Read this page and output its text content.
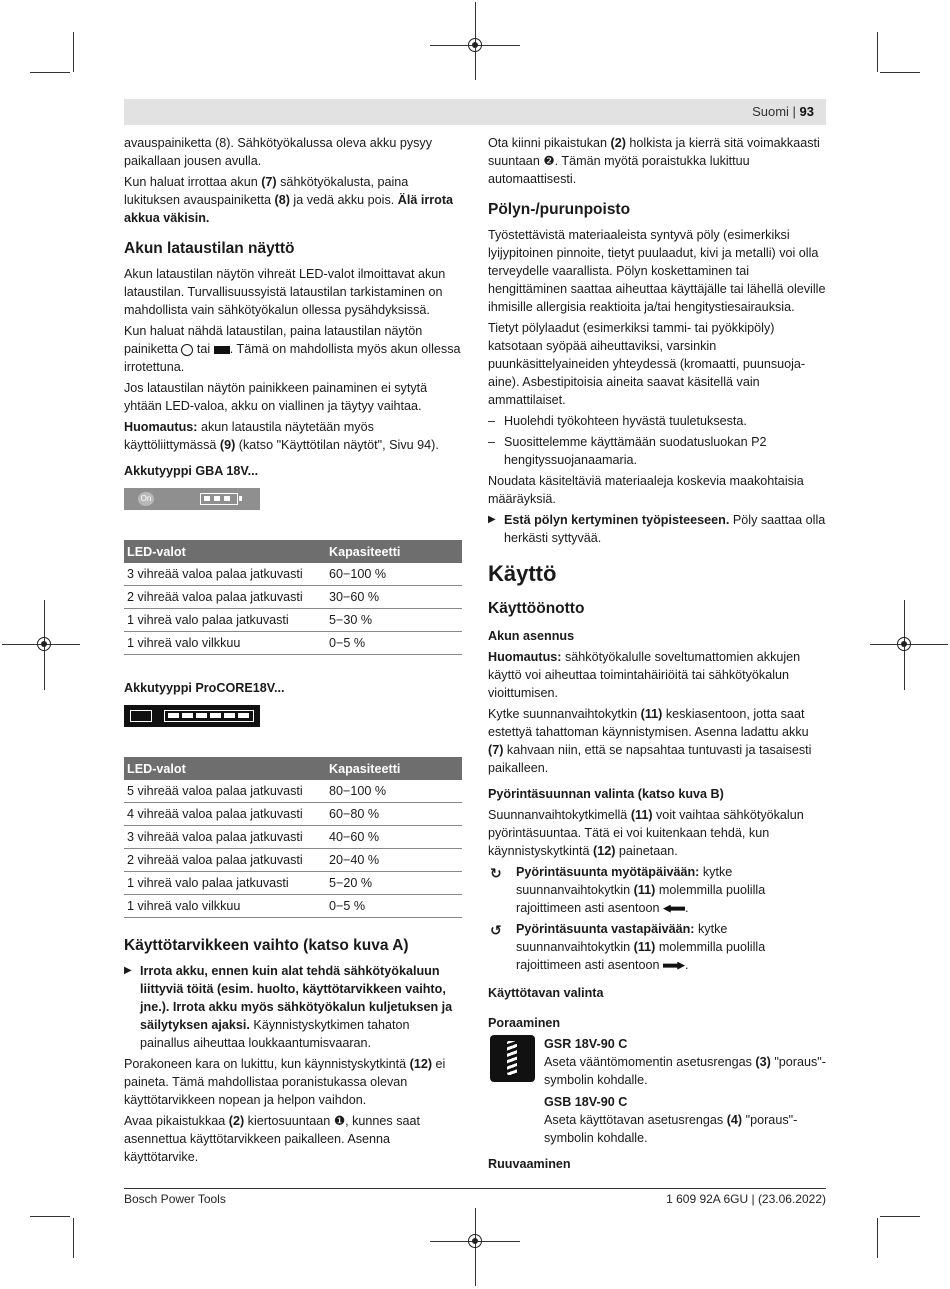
Suomi | 93

avauspainiketta (8). Sähkötyökalussa oleva akku pysyy paikallaan jousen avulla.

Kun haluat irrottaa akun (7) sähkötyökalusta, paina lukituksen avauspainiketta (8) ja vedä akku pois. Älä irrota akkua väkisin.

Akun lataustilan näyttö

Akun lataustilan näytön vihreät LED-valot ilmoittavat akun lataustilan. Turvallisuussyistä lataustilan tarkistaminen on mahdollista vain sähkötyökalun ollessa pysähdyksissä.

Kun haluat nähdä lataustilan, paina lataustilan näytön painiketta  tai . Tämä on mahdollista myös akun ollessa irrotettuna.

Jos lataustilan näytön painikkeen painaminen ei sytytä yhtään LED-valoa, akku on viallinen ja täytyy vaihtaa.

Huomautus: akun lataustila näytetään myös käyttöliittymässä (9) (katso "Käyttötilan näytöt", Sivu 94).

Akkutyyppi GBA 18V...
On
LED-valot	Kapasiteetti
3 vihreää valoa palaa jatkuvasti	60−100 %
2 vihreää valoa palaa jatkuvasti	30−60 %
1 vihreä valo palaa jatkuvasti	5−30 %
1 vihreä valo vilkkuu	0−5 %
Akkutyyppi ProCORE18V...
LED-valot	Kapasiteetti
5 vihreää valoa palaa jatkuvasti	80−100 %
4 vihreää valoa palaa jatkuvasti	60−80 %
3 vihreää valoa palaa jatkuvasti	40−60 %
2 vihreää valoa palaa jatkuvasti	20−40 %
1 vihreä valo palaa jatkuvasti	5−20 %
1 vihreä valo vilkkuu	0−5 %
Käyttötarvikkeen vaihto (katso kuva A)

▶ Irrota akku, ennen kuin alat tehdä sähkötyökaluun liittyviä töitä (esim. huolto, käyttötarvikkeen vaihto, jne.). Irrota akku myös sähkötyökalun kuljetuksen ja säilytyksen ajaksi. Käynnistyskytkimen tahaton painallus aiheuttaa loukkaantumisvaaran.

Porakoneen kara on lukittu, kun käynnistyskytkintä (12) ei paineta. Tämä mahdollistaa poranistukassa olevan käyttötarvikkeen nopean ja helpon vaihdon.

Avaa pikaistukkaa (2) kiertosuuntaan ❶, kunnes saat asennettua käyttötarvikkeen paikalleen. Asenna käyttötarvike.

Ota kiinni pikaistukan (2) holkista ja kierrä sitä voimakkaasti suuntaan ❷. Tämän myötä poraistukka lukittuu automaattisesti.

Pölyn-/purunpoisto

Työstettävistä materiaaleista syntyvä pöly (esimerkiksi lyijypitoinen pinnoite, tietyt puulaadut, kivi ja metalli) voi olla terveydelle vaarallista. Pölyn koskettaminen tai hengittäminen saattaa aiheuttaa käyttäjälle tai lähellä oleville ihmisille allergisia reaktioita ja/tai hengitystiesairauksia.

Tietyt pölylaadut (esimerkiksi tammi- tai pyökkipöly) katsotaan syöpää aiheuttaviksi, varsinkin puunkäsittelyaineiden yhteydessä (kromaatti, puunsuoja-aine). Asbestipitoisia aineita saavat käsitellä vain ammattilaiset.

– Huolehdi työkohteen hyvästä tuuletuksesta.

– Suosittelemme käyttämään suodatusluokan P2 hengityssuojanaamaria.

Noudata käsiteltäviä materiaaleja koskevia maakohtaisia määräyksiä.

▶ Estä pölyn kertyminen työpisteeseen. Pöly saattaa olla herkästi syttyvää.

Käyttö
Käyttöönotto
Akun asennus

Huomautus: sähkötyökalulle soveltumattomien akkujen käyttö voi aiheuttaa toimintahäiriöitä tai sähkötyökalun vioittumisen.

Kytke suunnanvaihtokytkin (11) keskiasentoon, jotta saat estettyä tahattoman käynnistymisen. Asenna ladattu akku (7) kahvaan niin, että se napsahtaa tuntuvasti ja tasaisesti paikalleen.

Pyörintäsuunnan valinta (katso kuva B)

Suunnanvaihtokytkimellä (11) voit vaihtaa sähkötyökalun pyörintäsuuntaa. Tätä ei voi kuitenkaan tehdä, kun käynnistyskytkintä (12) painetaan.

↻ Pyörintäsuunta myötäpäivään: kytke suunnanvaihtokytkin (11) molemmilla puolilla rajoittimeen asti asentoon .

↺ Pyörintäsuunta vastapäivään: kytke suunnanvaihtokytkin (11) molemmilla puolilla rajoittimeen asti asentoon .

Käyttötavan valinta
Poraaminen

GSR 18V-90 C

Aseta vääntömomentin asetusrengas (3) "poraus"-symbolin kohdalle.

GSB 18V-90 C

Aseta käyttötavan asetusrengas (4) "poraus"-symbolin kohdalle.

Ruuvaaminen
Bosch Power Tools	1 609 92A 6GU | (23.06.2022)
